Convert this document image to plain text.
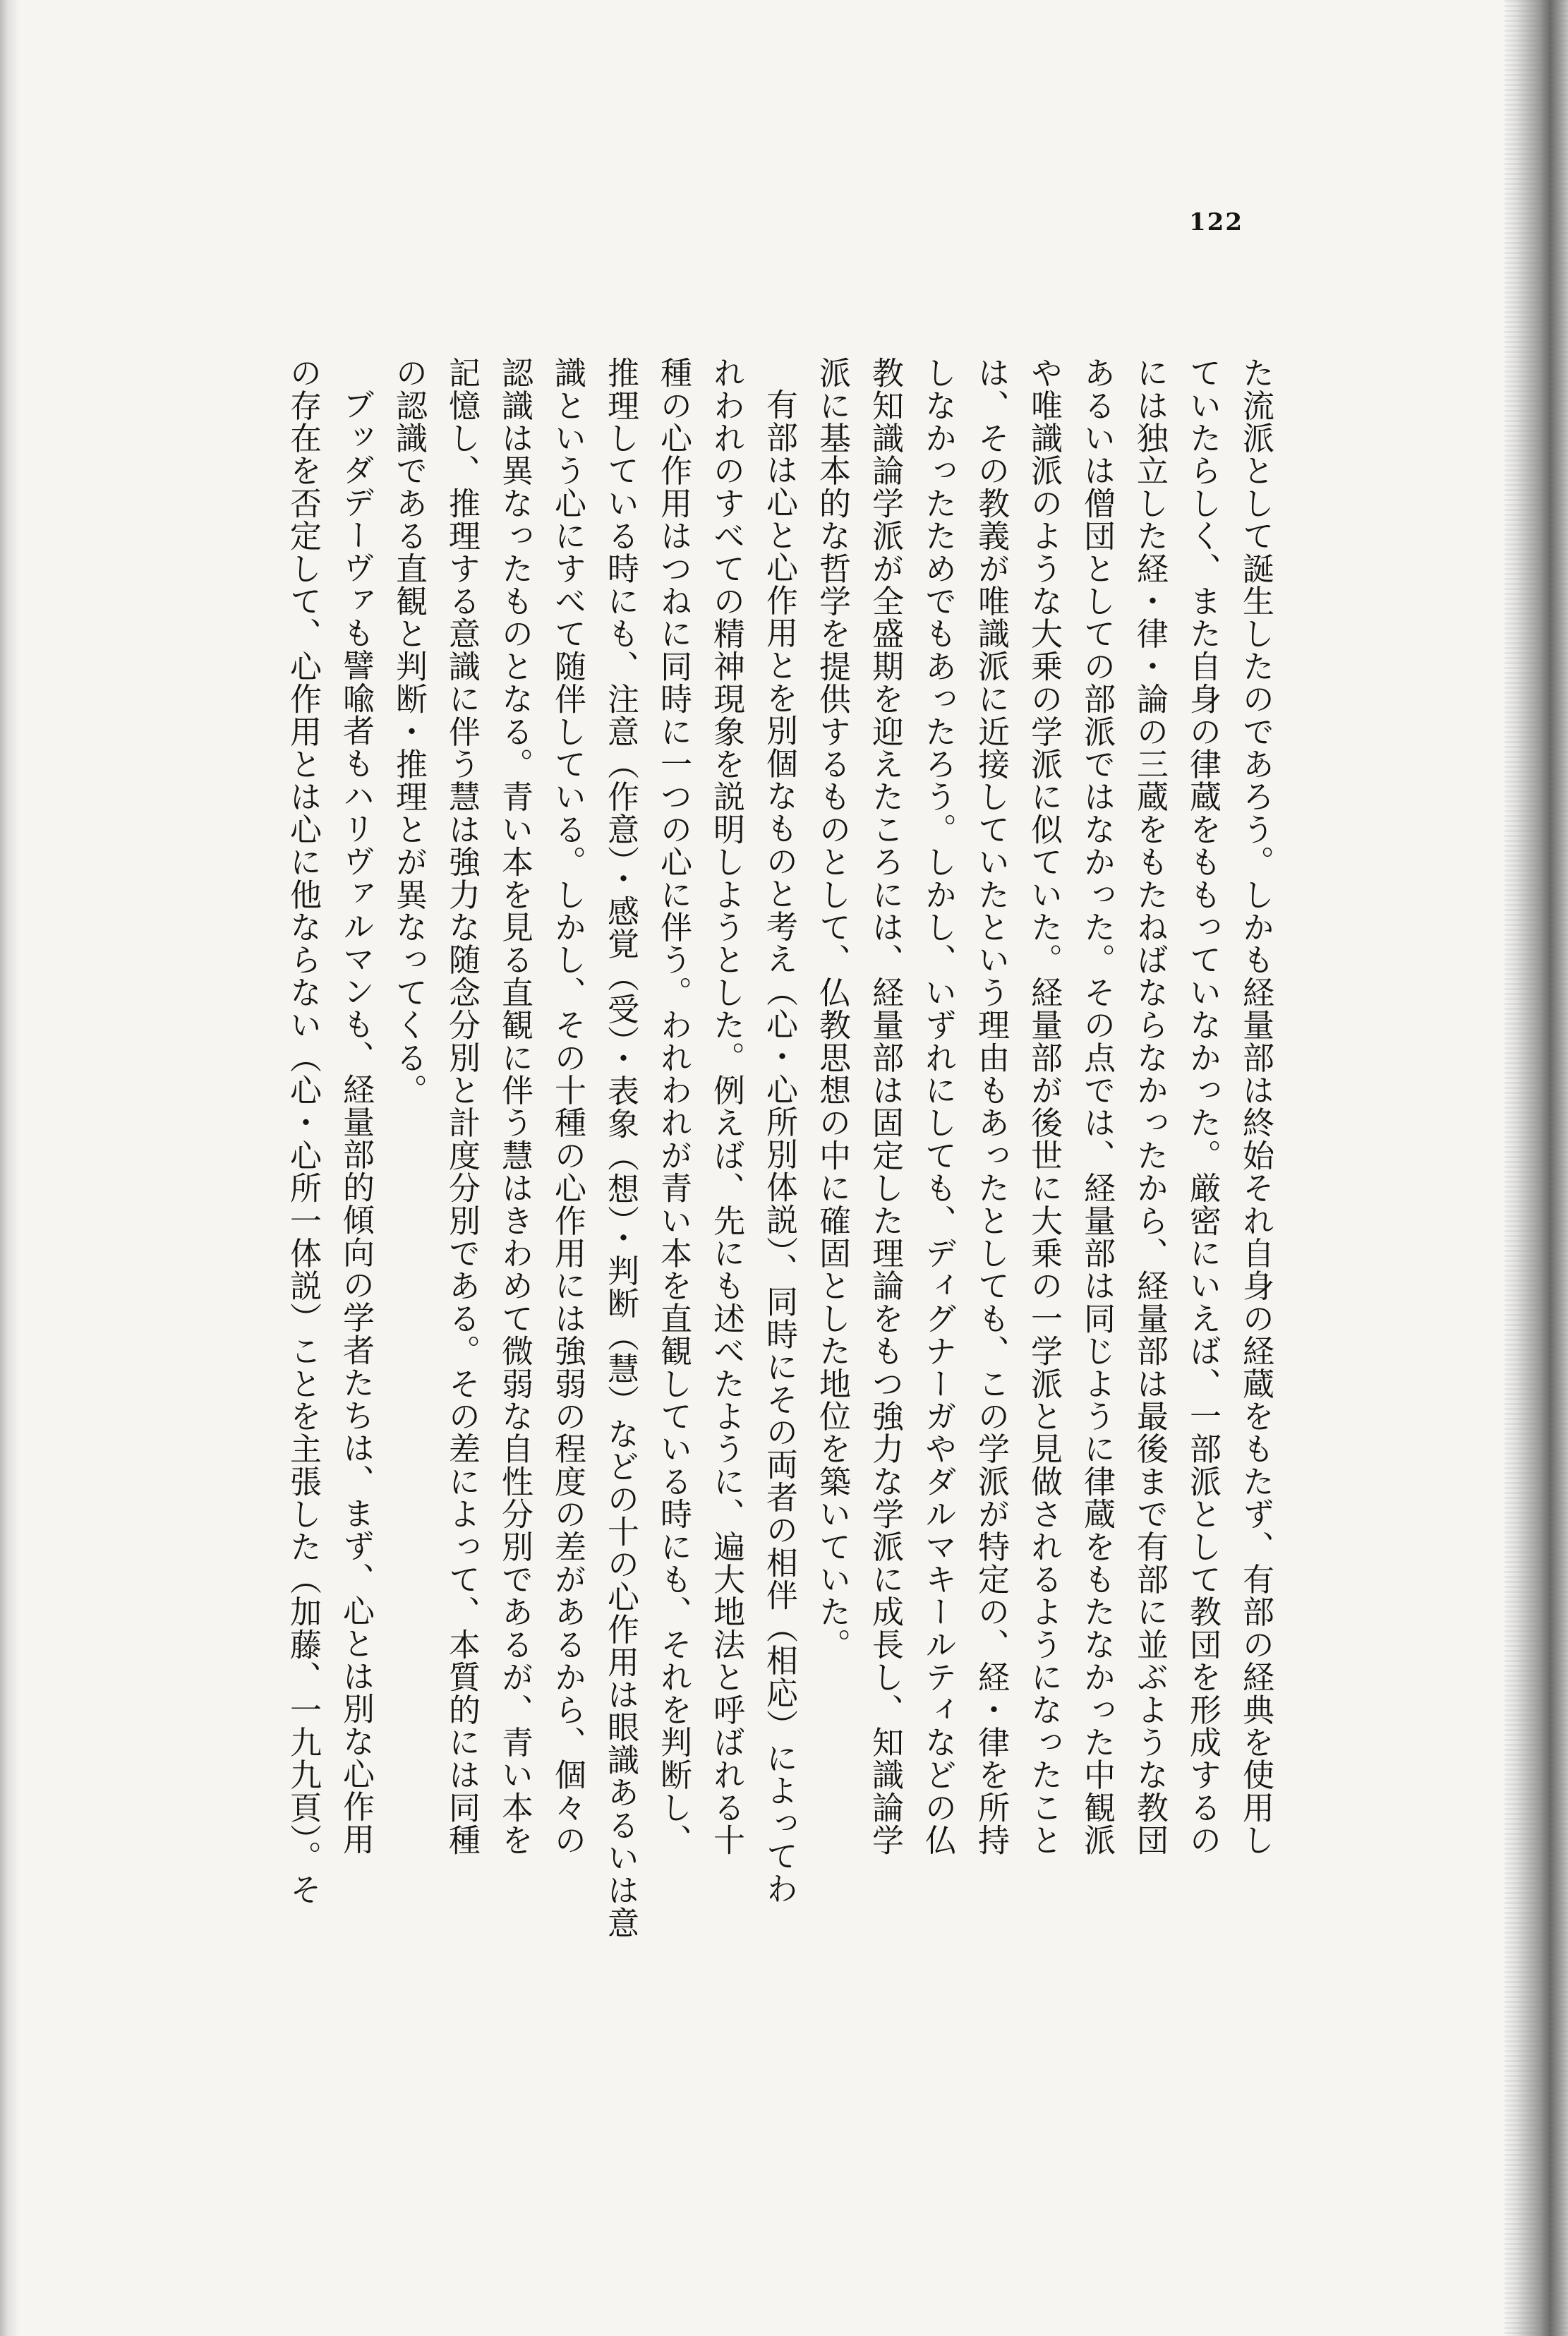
122
た流派として誕生したのであろう。しかも経量部は終始それ自身の経蔵をもたず、有部の経典を使用し
ていたらしく、また自身の律蔵をももっていなかった。厳密にいえば、一部派として教団を形成するの
には独立した経・律・論の三蔵をもたねばならなかったから、経量部は最後まで有部に並ぶような教団
あるいは僧団としての部派ではなかった。その点では、経量部は同じように律蔵をもたなかった中観派
や唯識派のような大乗の学派に似ていた。経量部が後世に大乗の一学派と見做されるようになったこと
は、その教義が唯識派に近接していたという理由もあったとしても、この学派が特定の、経・律を所持
しなかったためでもあったろう。しかし、いずれにしても、ディグナーガやダルマキールティなどの仏
教知識論学派が全盛期を迎えたころには、経量部は固定した理論をもつ強力な学派に成長し、知識論学
派に基本的な哲学を提供するものとして、仏教思想の中に確固とした地位を築いていた。
有部は心と心作用とを別個なものと考え（心・心所別体説）、同時にその両者の相伴（相応）によってわ
れわれのすべての精神現象を説明しようとした。例えば、先にも述べたように、遍大地法と呼ばれる十
種の心作用はつねに同時に一つの心に伴う。われわれが青い本を直観している時にも、それを判断し、
推理している時にも、注意（作意）・感覚（受）・表象（想）・判断（慧）などの十の心作用は眼識あるいは意
識という心にすべて随伴している。しかし、その十種の心作用には強弱の程度の差があるから、個々の
認識は異なったものとなる。青い本を見る直観に伴う慧はきわめて微弱な自性分別であるが、青い本を
記憶し、推理する意識に伴う慧は強力な随念分別と計度分別である。その差によって、本質的には同種
の認識である直観と判断・推理とが異なってくる。
ブッダデーヴァも譬喩者もハリヴァルマンも、経量部的傾向の学者たちは、まず、心とは別な心作用
の存在を否定して、心作用とは心に他ならない（心・心所一体説）ことを主張した（加藤、一九九頁）。そ
